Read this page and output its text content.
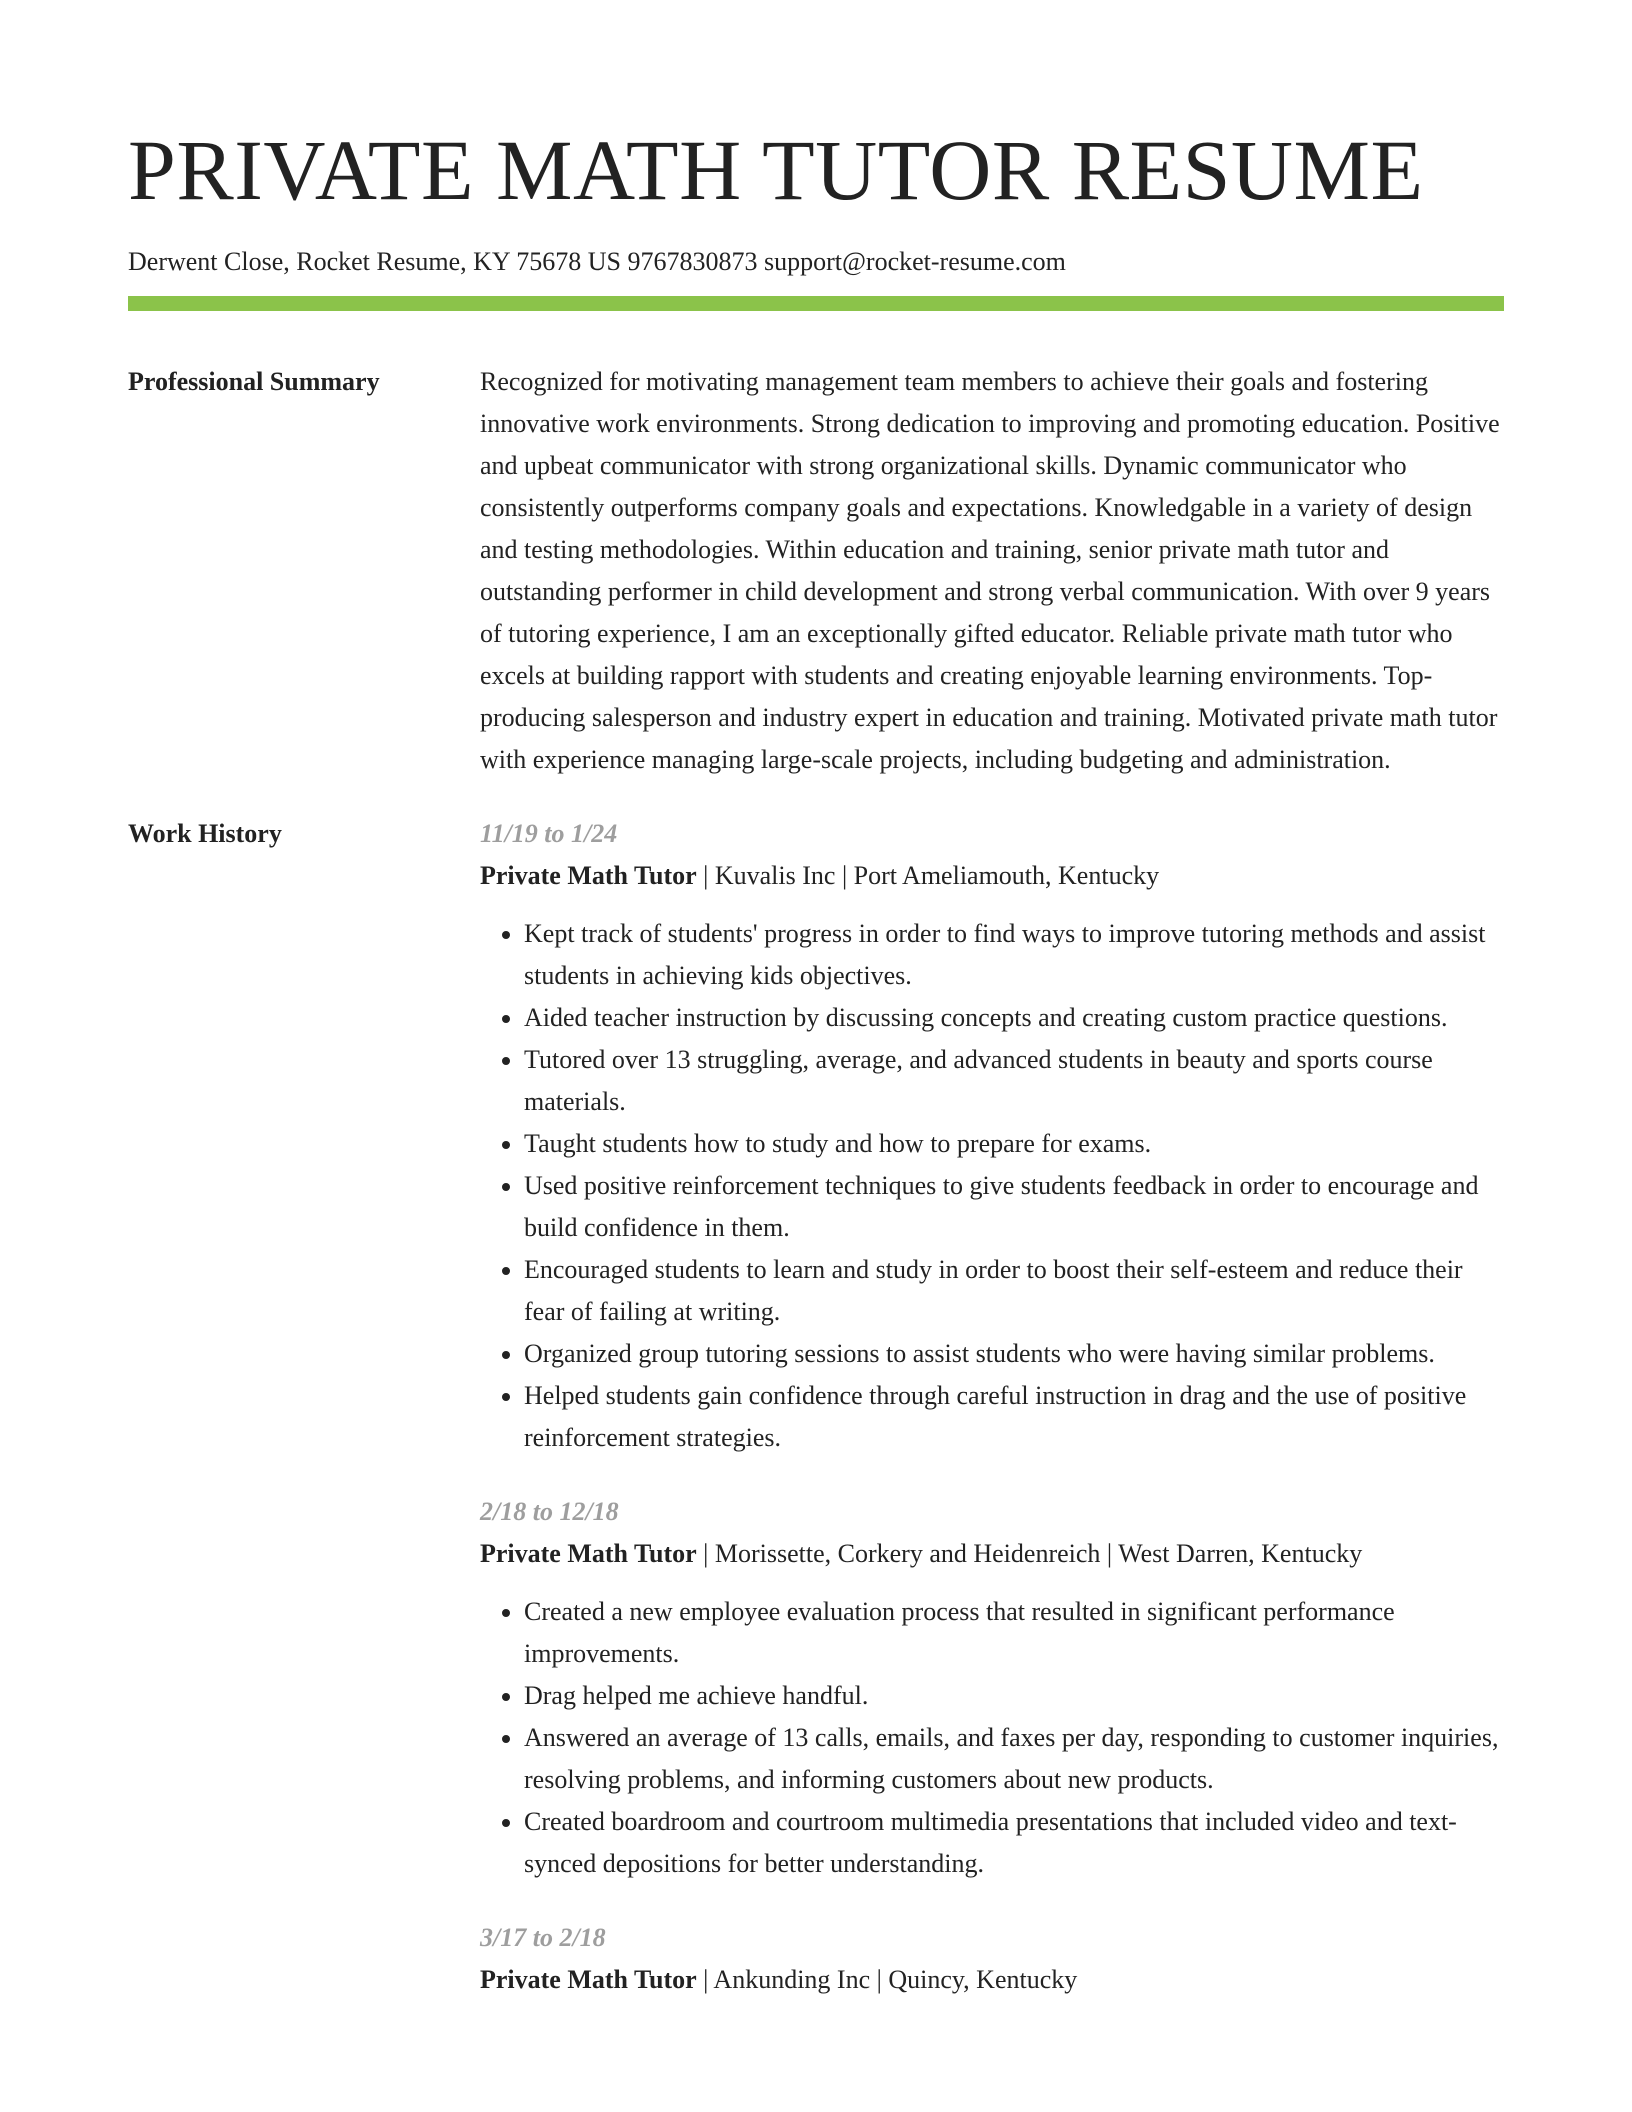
PRIVATE MATH TUTOR RESUME
Derwent Close, Rocket Resume, KY 75678 US 9767830873 support@rocket-resume.com
Professional Summary	Recognized for motivating management team members to achieve their goals and fostering innovative work environments. Strong dedication to improving and promoting education. Positive and upbeat communicator with strong organizational skills. Dynamic communicator who consistently outperforms company goals and expectations. Knowledgable in a variety of design and testing methodologies. Within education and training, senior private math tutor and outstanding performer in child development and strong verbal communication. With over 9 years of tutoring experience, I am an exceptionally gifted educator. Reliable private math tutor who excels at building rapport with students and creating enjoyable learning environments. Top-producing salesperson and industry expert in education and training. Motivated private math tutor with experience managing large-scale projects, including budgeting and administration.

Work History	11/19 to 1/24
Private Math Tutor | Kuvalis Inc | Port Ameliamouth, Kentucky
• Kept track of students' progress in order to find ways to improve tutoring methods and assist students in achieving kids objectives.
• Aided teacher instruction by discussing concepts and creating custom practice questions.
• Tutored over 13 struggling, average, and advanced students in beauty and sports course materials.
• Taught students how to study and how to prepare for exams.
• Used positive reinforcement techniques to give students feedback in order to encourage and build confidence in them.
• Encouraged students to learn and study in order to boost their self-esteem and reduce their fear of failing at writing.
• Organized group tutoring sessions to assist students who were having similar problems.
• Helped students gain confidence through careful instruction in drag and the use of positive reinforcement strategies.
2/18 to 12/18
Private Math Tutor | Morissette, Corkery and Heidenreich | West Darren, Kentucky
• Created a new employee evaluation process that resulted in significant performance improvements.
• Drag helped me achieve handful.
• Answered an average of 13 calls, emails, and faxes per day, responding to customer inquiries, resolving problems, and informing customers about new products.
• Created boardroom and courtroom multimedia presentations that included video and text-synced depositions for better understanding.
3/17 to 2/18
Private Math Tutor | Ankunding Inc | Quincy, Kentucky
